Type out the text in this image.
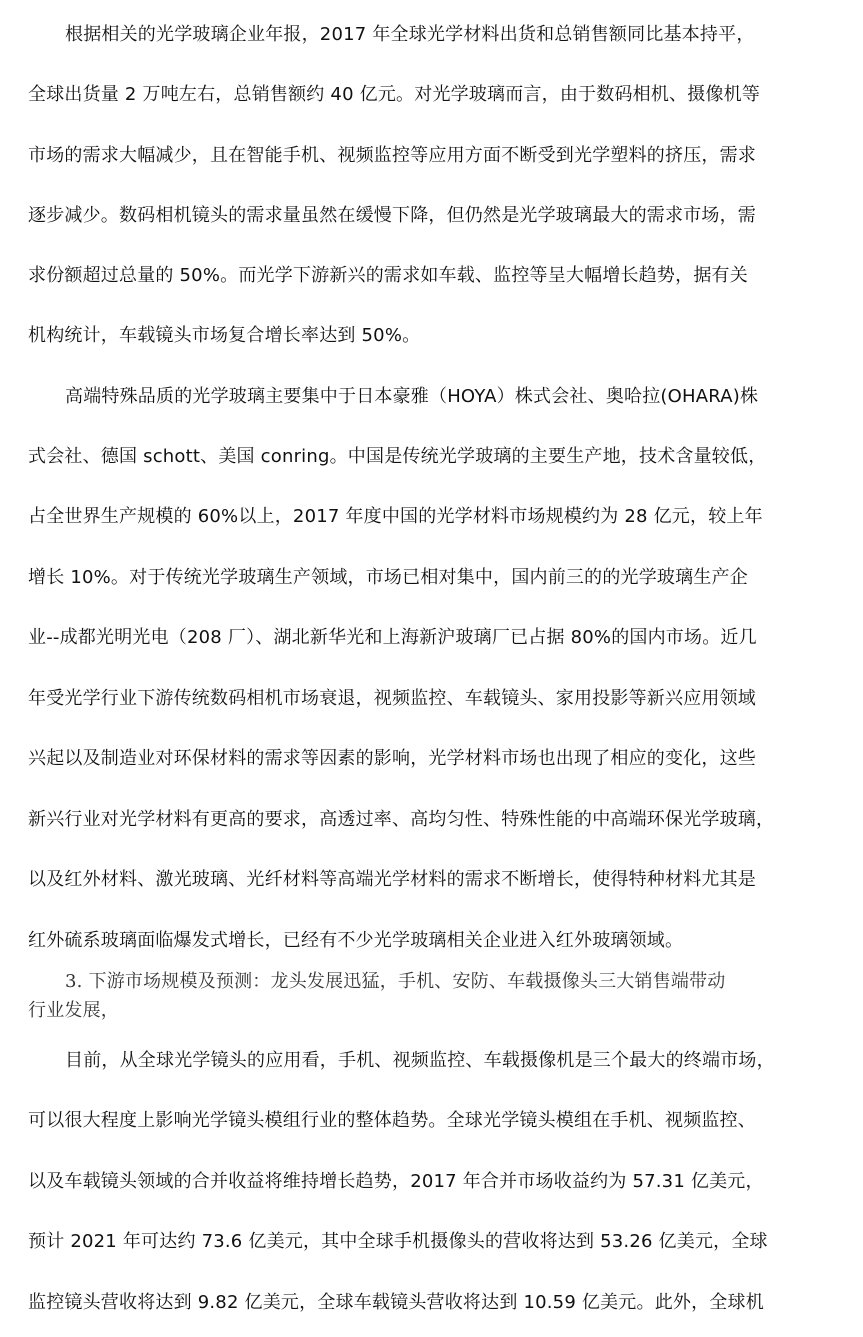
根据相关的光学玻璃企业年报，2017 年全球光学材料出货和总销售额同比基本持平，
全球出货量 2 万吨左右，总销售额约 40 亿元。对光学玻璃而言，由于数码相机、摄像机等
市场的需求大幅减少，且在智能手机、视频监控等应用方面不断受到光学塑料的挤压，需求
逐步减少。数码相机镜头的需求量虽然在缓慢下降，但仍然是光学玻璃最大的需求市场，需
求份额超过总量的 50%。而光学下游新兴的需求如车载、监控等呈大幅增长趋势，据有关
机构统计，车载镜头市场复合增长率达到 50%。
高端特殊品质的光学玻璃主要集中于日本豪雅（HOYA）株式会社、奥哈拉(OHARA)株
式会社、德国 schott、美国 conring。中国是传统光学玻璃的主要生产地，技术含量较低，
占全世界生产规模的 60%以上，2017 年度中国的光学材料市场规模约为 28 亿元，较上年
增长 10%。对于传统光学玻璃生产领域，市场已相对集中，国内前三的的光学玻璃生产企
业--成都光明光电（208 厂）、湖北新华光和上海新沪玻璃厂已占据 80%的国内市场。近几
年受光学行业下游传统数码相机市场衰退，视频监控、车载镜头、家用投影等新兴应用领域
兴起以及制造业对环保材料的需求等因素的影响，光学材料市场也出现了相应的变化，这些
新兴行业对光学材料有更高的要求，高透过率、高均匀性、特殊性能的中高端环保光学玻璃，
以及红外材料、激光玻璃、光纤材料等高端光学材料的需求不断增长，使得特种材料尤其是
红外硫系玻璃面临爆发式增长，已经有不少光学玻璃相关企业进入红外玻璃领域。
3. 下游市场规模及预测：龙头发展迅猛，手机、安防、车载摄像头三大销售端带动
行业发展，
目前，从全球光学镜头的应用看，手机、视频监控、车载摄像机是三个最大的终端市场，
可以很大程度上影响光学镜头模组行业的整体趋势。全球光学镜头模组在手机、视频监控、
以及车载镜头领域的合并收益将维持增长趋势，2017 年合并市场收益约为 57.31 亿美元，
预计 2021 年可达约 73.6 亿美元，其中全球手机摄像头的营收将达到 53.26 亿美元，全球
监控镜头营收将达到 9.82 亿美元，全球车载镜头营收将达到 10.59 亿美元。此外，全球机
